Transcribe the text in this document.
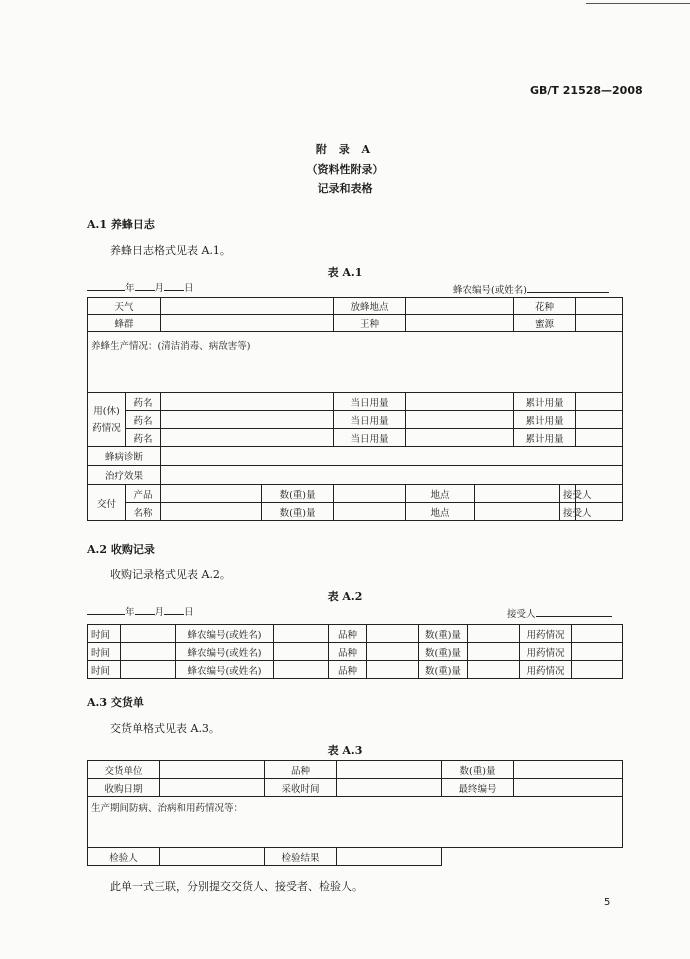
GB/T 21528—2008
附 录 A
（资料性附录）
记录和表格
A.1 养蜂日志
养蜂日志格式见表 A.1。
表 A.1
年 月 日	蜂农编号(或姓名)
天气				放蜂地点			花种		
蜂群				王种			蜜源		
养蜂生产情况：(清洁消毒、病敌害等)									
用(休)
药情况	药名			当日用量			累计用量		
	药名			当日用量			累计用量		
	药名			当日用量			累计用量		
蜂病诊断									
治疗效果									
交付	产品		数(重)量		地点			接受人	
	名称		数(重)量		地点			接受人	
A.2 收购记录
收购记录格式见表 A.2。
表 A.2
年 月 日	接受人
时间		蜂农编号(或姓名)		品种		数(重)量		用药情况	
时间		蜂农编号(或姓名)		品种		数(重)量		用药情况	
时间		蜂农编号(或姓名)		品种		数(重)量		用药情况	
A.3 交货单
交货单格式见表 A.3。
表 A.3
交货单位		品种		数(重)量	
收购日期		采收时间		最终编号	
生产期间防病、治病和用药情况等：					
检验人		检验结果			
此单一式三联，分别提交交货人、接受者、检验人。
5
